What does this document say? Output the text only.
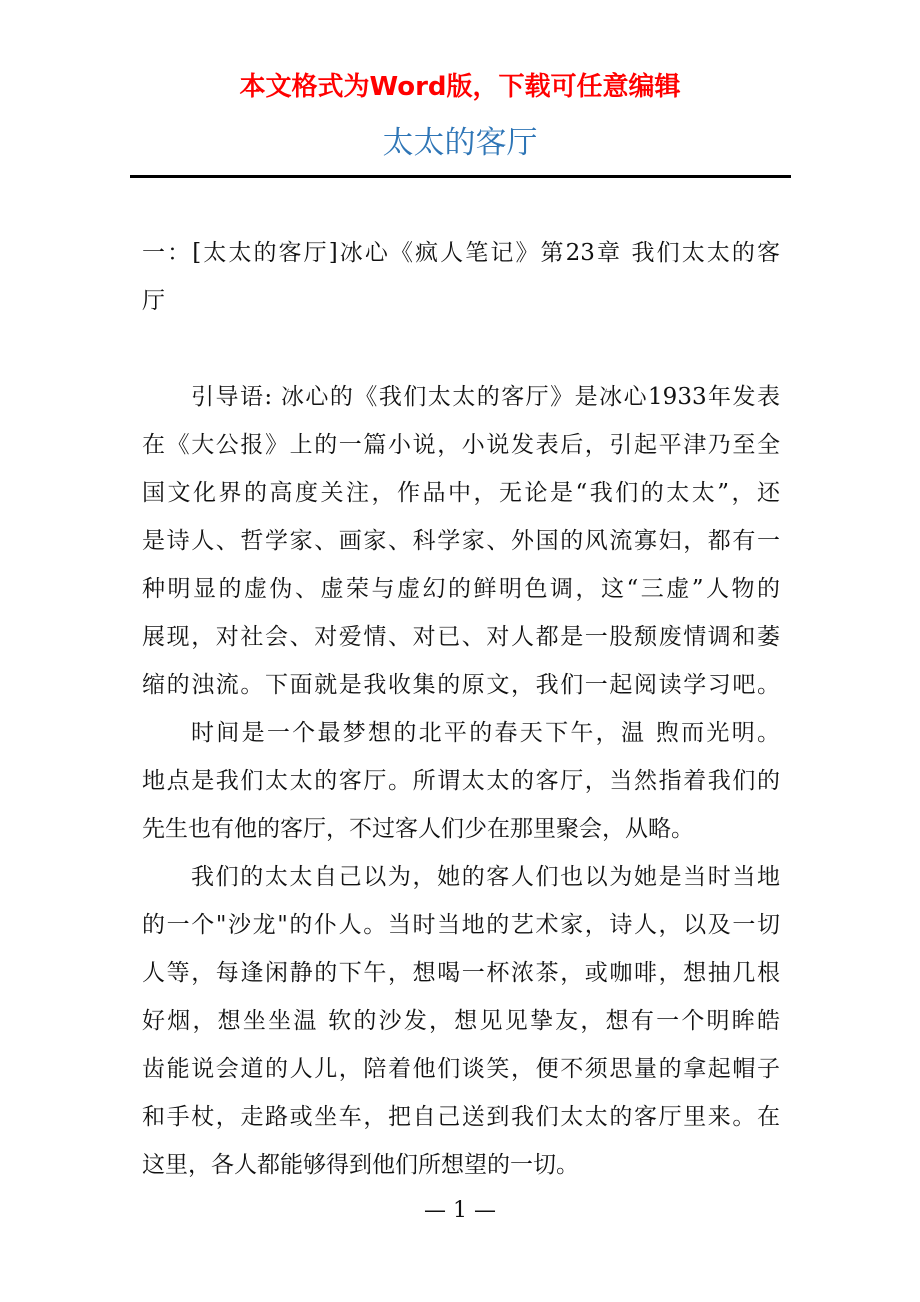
本文格式为Word版，下载可任意编辑
太太的客厅
一：[太太的客厅]冰心《疯人笔记》第23章 我们太太的客
厅
引导语: 冰心的《我们太太的客厅》是冰心1933年发表
在《大公报》上的一篇小说，小说发表后，引起平津乃至全
国文化界的高度关注，作品中，无论是“我们的太太”，还
是诗人、哲学家、画家、科学家、外国的风流寡妇，都有一
种明显的虚伪、虚荣与虚幻的鲜明色调，这“三虚”人物的
展现，对社会、对爱情、对已、对人都是一股颓废情调和萎
缩的浊流。下面就是我收集的原文，我们一起阅读学习吧。
时间是一个最梦想的北平的春天下午，温 煦而光明。
地点是我们太太的客厅。所谓太太的客厅，当然指着我们的
先生也有他的客厅，不过客人们少在那里聚会，从略。
我们的太太自己以为，她的客人们也以为她是当时当地
的一个"沙龙"的仆人。当时当地的艺术家，诗人，以及一切
人等，每逢闲静的下午，想喝一杯浓茶，或咖啡，想抽几根
好烟，想坐坐温 软的沙发，想见见挚友，想有一个明眸皓
齿能说会道的人儿，陪着他们谈笑，便不须思量的拿起帽子
和手杖，走路或坐车，把自己送到我们太太的客厅里来。在
这里，各人都能够得到他们所想望的一切。
— 1 —
